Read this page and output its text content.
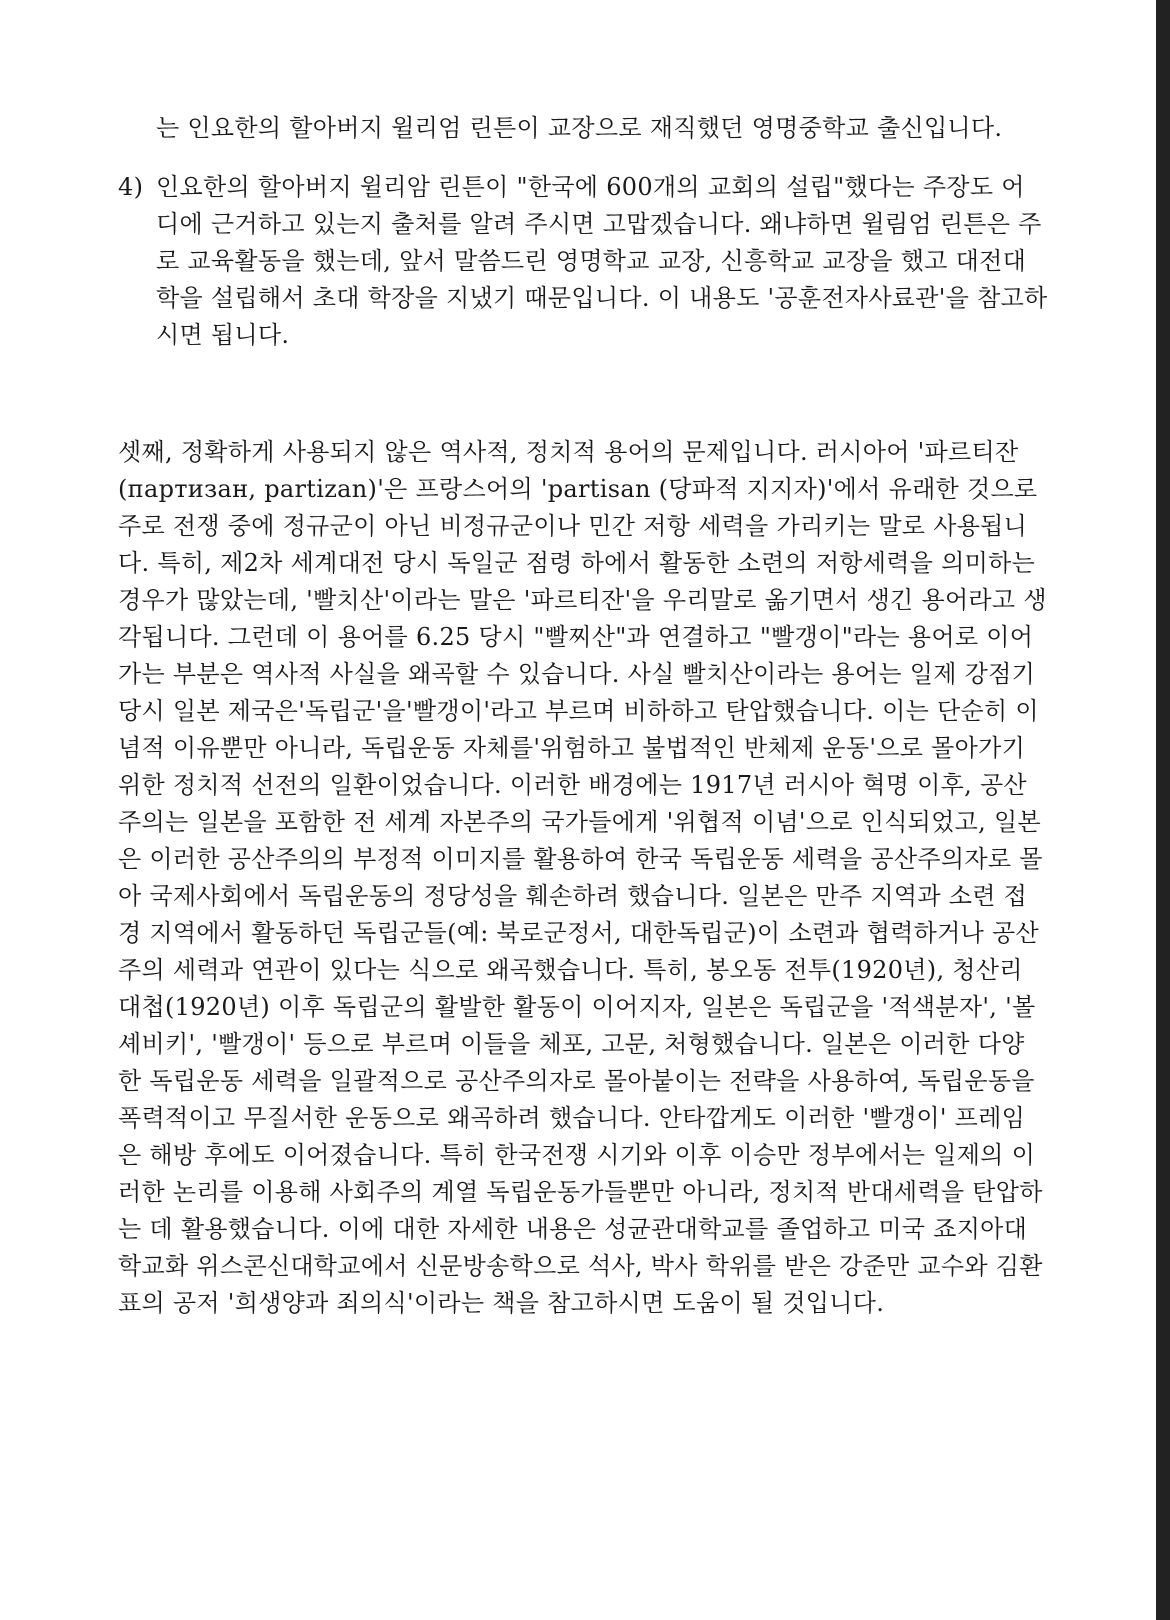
는 인요한의 할아버지 윌리엄 린튼이 교장으로 재직했던 영명중학교 출신입니다.

4) 인요한의 할아버지 윌리암 린튼이 "한국에 600개의 교회의 설립"했다는 주장도 어디에 근거하고 있는지 출처를 알려 주시면 고맙겠습니다. 왜냐하면 윌림엄 린튼은 주로 교육활동을 했는데, 앞서 말씀드린 영명학교 교장, 신흥학교 교장을 했고 대전대학을 설립해서 초대 학장을 지냈기 때문입니다. 이 내용도 '공훈전자사료관'을 참고하시면 됩니다.

셋째, 정확하게 사용되지 않은 역사적, 정치적 용어의 문제입니다. 러시아어 '파르티잔(партизан, partizan)'은 프랑스어의 'partisan (당파적 지지자)'에서 유래한 것으로 주로 전쟁 중에 정규군이 아닌 비정규군이나 민간 저항 세력을 가리키는 말로 사용됩니다. 특히, 제2차 세계대전 당시 독일군 점령 하에서 활동한 소련의 저항세력을 의미하는 경우가 많았는데, '빨치산'이라는 말은 '파르티잔'을 우리말로 옮기면서 생긴 용어라고 생각됩니다. 그런데 이 용어를 6.25 당시 "빨찌산"과 연결하고 "빨갱이"라는 용어로 이어가는 부분은 역사적 사실을 왜곡할 수 있습니다. 사실 빨치산이라는 용어는 일제 강점기 당시 일본 제국은'독립군'을'빨갱이'라고 부르며 비하하고 탄압했습니다. 이는 단순히 이념적 이유뿐만 아니라, 독립운동 자체를'위험하고 불법적인 반체제 운동'으로 몰아가기 위한 정치적 선전의 일환이었습니다. 이러한 배경에는 1917년 러시아 혁명 이후, 공산주의는 일본을 포함한 전 세계 자본주의 국가들에게 '위협적 이념'으로 인식되었고, 일본은 이러한 공산주의의 부정적 이미지를 활용하여 한국 독립운동 세력을 공산주의자로 몰아 국제사회에서 독립운동의 정당성을 훼손하려 했습니다. 일본은 만주 지역과 소련 접경 지역에서 활동하던 독립군들(예: 북로군정서, 대한독립군)이 소련과 협력하거나 공산주의 세력과 연관이 있다는 식으로 왜곡했습니다. 특히, 봉오동 전투(1920년), 청산리 대첩(1920년) 이후 독립군의 활발한 활동이 이어지자, 일본은 독립군을 '적색분자', '볼셰비키', '빨갱이' 등으로 부르며 이들을 체포, 고문, 처형했습니다. 일본은 이러한 다양한 독립운동 세력을 일괄적으로 공산주의자로 몰아붙이는 전략을 사용하여, 독립운동을 폭력적이고 무질서한 운동으로 왜곡하려 했습니다. 안타깝게도 이러한 '빨갱이' 프레임은 해방 후에도 이어졌습니다. 특히 한국전쟁 시기와 이후 이승만 정부에서는 일제의 이러한 논리를 이용해 사회주의 계열 독립운동가들뿐만 아니라, 정치적 반대세력을 탄압하는 데 활용했습니다. 이에 대한 자세한 내용은 성균관대학교를 졸업하고 미국 죠지아대학교화 위스콘신대학교에서 신문방송학으로 석사, 박사 학위를 받은 강준만 교수와 김환표의 공저 '희생양과 죄의식'이라는 책을 참고하시면 도움이 될 것입니다.
